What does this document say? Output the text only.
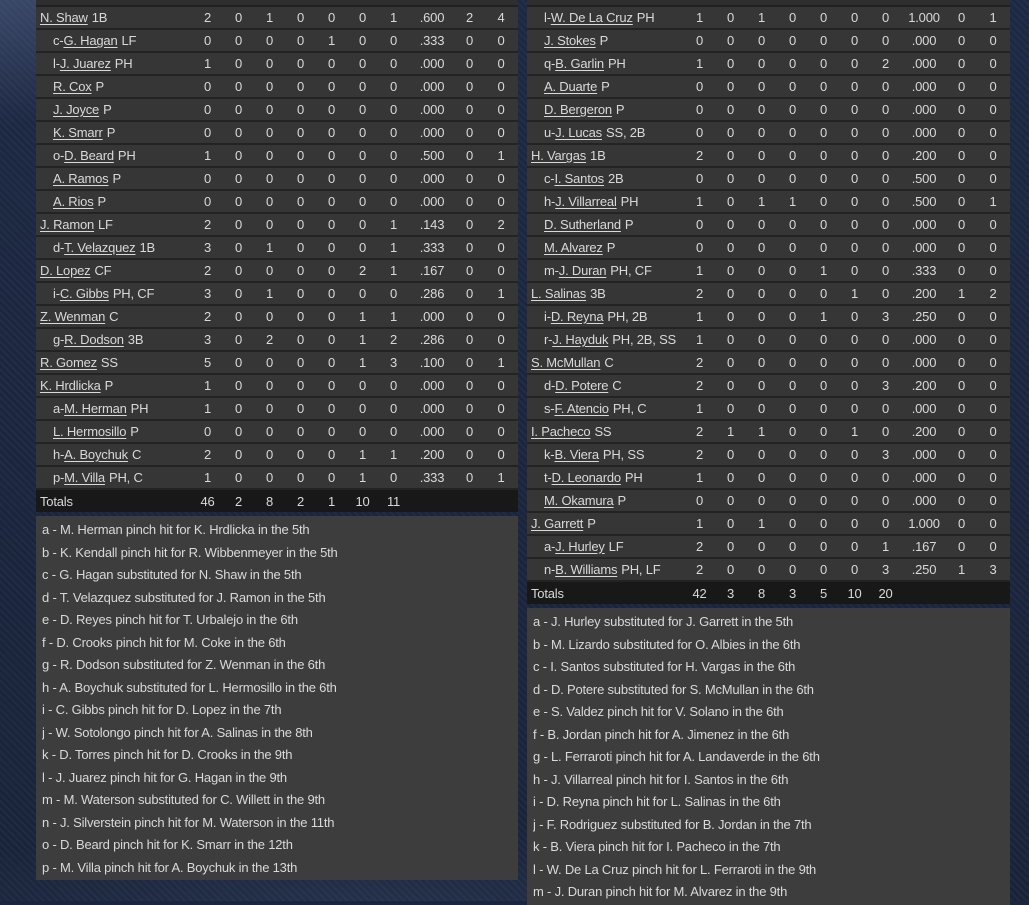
N. Shaw 1B	2	0	1	0	0	0	1	.600	2	4
c-G. Hagan LF	0	0	0	0	1	0	0	.333	0	0
l-J. Juarez PH	1	0	0	0	0	0	0	.000	0	0
R. Cox P	0	0	0	0	0	0	0	.000	0	0
J. Joyce P	0	0	0	0	0	0	0	.000	0	0
K. Smarr P	0	0	0	0	0	0	0	.000	0	0
o-D. Beard PH	1	0	0	0	0	0	0	.500	0	1
A. Ramos P	0	0	0	0	0	0	0	.000	0	0
A. Rios P	0	0	0	0	0	0	0	.000	0	0
J. Ramon LF	2	0	0	0	0	0	1	.143	0	2
d-T. Velazquez 1B	3	0	1	0	0	0	1	.333	0	0
D. Lopez CF	2	0	0	0	0	2	1	.167	0	0
i-C. Gibbs PH, CF	3	0	1	0	0	0	0	.286	0	1
Z. Wenman C	2	0	0	0	0	1	1	.000	0	0
g-R. Dodson 3B	3	0	2	0	0	1	2	.286	0	0
R. Gomez SS	5	0	0	0	0	1	3	.100	0	1
K. Hrdlicka P	1	0	0	0	0	0	0	.000	0	0
a-M. Herman PH	1	0	0	0	0	0	0	.000	0	0
L. Hermosillo P	0	0	0	0	0	0	0	.000	0	0
h-A. Boychuk C	2	0	0	0	0	1	1	.200	0	0
p-M. Villa PH, C	1	0	0	0	0	1	0	.333	0	1
Totals	46	2	8	2	1	10	11
a - M. Herman pinch hit for K. Hrdlicka in the 5th
b - K. Kendall pinch hit for R. Wibbenmeyer in the 5th
c - G. Hagan substituted for N. Shaw in the 5th
d - T. Velazquez substituted for J. Ramon in the 5th
e - D. Reyes pinch hit for T. Urbalejo in the 6th
f - D. Crooks pinch hit for M. Coke in the 6th
g - R. Dodson substituted for Z. Wenman in the 6th
h - A. Boychuk substituted for L. Hermosillo in the 6th
i - C. Gibbs pinch hit for D. Lopez in the 7th
j - W. Sotolongo pinch hit for A. Salinas in the 8th
k - D. Torres pinch hit for D. Crooks in the 9th
l - J. Juarez pinch hit for G. Hagan in the 9th
m - M. Waterson substituted for C. Willett in the 9th
n - J. Silverstein pinch hit for M. Waterson in the 11th
o - D. Beard pinch hit for K. Smarr in the 12th
p - M. Villa pinch hit for A. Boychuk in the 13th
l-W. De La Cruz PH	1	0	1	0	0	0	0	1.000	0	1
J. Stokes P	0	0	0	0	0	0	0	.000	0	0
q-B. Garlin PH	1	0	0	0	0	0	2	.000	0	0
A. Duarte P	0	0	0	0	0	0	0	.000	0	0
D. Bergeron P	0	0	0	0	0	0	0	.000	0	0
u-J. Lucas SS, 2B	0	0	0	0	0	0	0	.000	0	0
H. Vargas 1B	2	0	0	0	0	0	0	.200	0	0
c-I. Santos 2B	0	0	0	0	0	0	0	.500	0	0
h-J. Villarreal PH	1	0	1	1	0	0	0	.500	0	1
D. Sutherland P	0	0	0	0	0	0	0	.000	0	0
M. Alvarez P	0	0	0	0	0	0	0	.000	0	0
m-J. Duran PH, CF	1	0	0	0	1	0	0	.333	0	0
L. Salinas 3B	2	0	0	0	0	1	0	.200	1	2
i-D. Reyna PH, 2B	1	0	0	0	1	0	3	.250	0	0
r-J. Hayduk PH, 2B, SS	1	0	0	0	0	0	0	.000	0	0
S. McMullan C	2	0	0	0	0	0	0	.000	0	0
d-D. Potere C	2	0	0	0	0	0	3	.200	0	0
s-F. Atencio PH, C	1	0	0	0	0	0	0	.000	0	0
I. Pacheco SS	2	1	1	0	0	1	0	.200	0	0
k-B. Viera PH, SS	2	0	0	0	0	0	3	.000	0	0
t-D. Leonardo PH	1	0	0	0	0	0	0	.000	0	0
M. Okamura P	0	0	0	0	0	0	0	.000	0	0
J. Garrett P	1	0	1	0	0	0	0	1.000	0	0
a-J. Hurley LF	2	0	0	0	0	0	1	.167	0	0
n-B. Williams PH, LF	2	0	0	0	0	0	3	.250	1	3
Totals	42	3	8	3	5	10	20
a - J. Hurley substituted for J. Garrett in the 5th
b - M. Lizardo substituted for O. Albies in the 6th
c - I. Santos substituted for H. Vargas in the 6th
d - D. Potere substituted for S. McMullan in the 6th
e - S. Valdez pinch hit for V. Solano in the 6th
f - B. Jordan pinch hit for A. Jimenez in the 6th
g - L. Ferraroti pinch hit for A. Landaverde in the 6th
h - J. Villarreal pinch hit for I. Santos in the 6th
i - D. Reyna pinch hit for L. Salinas in the 6th
j - F. Rodriguez substituted for B. Jordan in the 7th
k - B. Viera pinch hit for I. Pacheco in the 7th
l - W. De La Cruz pinch hit for L. Ferraroti in the 9th
m - J. Duran pinch hit for M. Alvarez in the 9th
